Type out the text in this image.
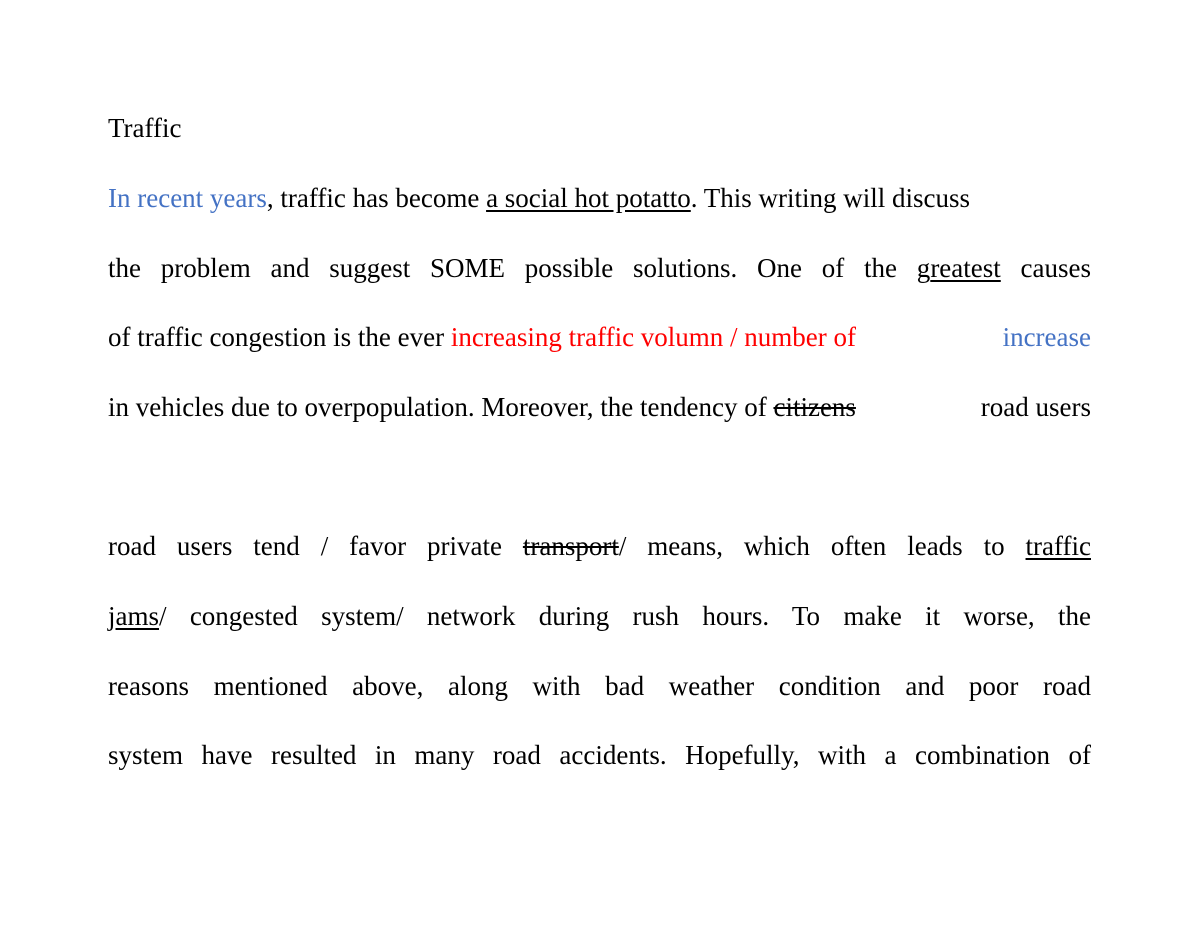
Traffic
In recent years, traffic has become a social hot potatto. This writing will discuss
the problem and suggest SOME possible solutions. One of the greatest causes
of traffic congestion is the ever increasing traffic volumn / number of	increase
in vehicles due to overpopulation. Moreover, the tendency of citizens	road users
road users tend / favor private transport/ means, which often leads to traffic
jams/ congested system/ network during rush hours. To make it worse, the
reasons mentioned above, along with bad weather condition and poor road
system have resulted in many road accidents. Hopefully, with a combination of
